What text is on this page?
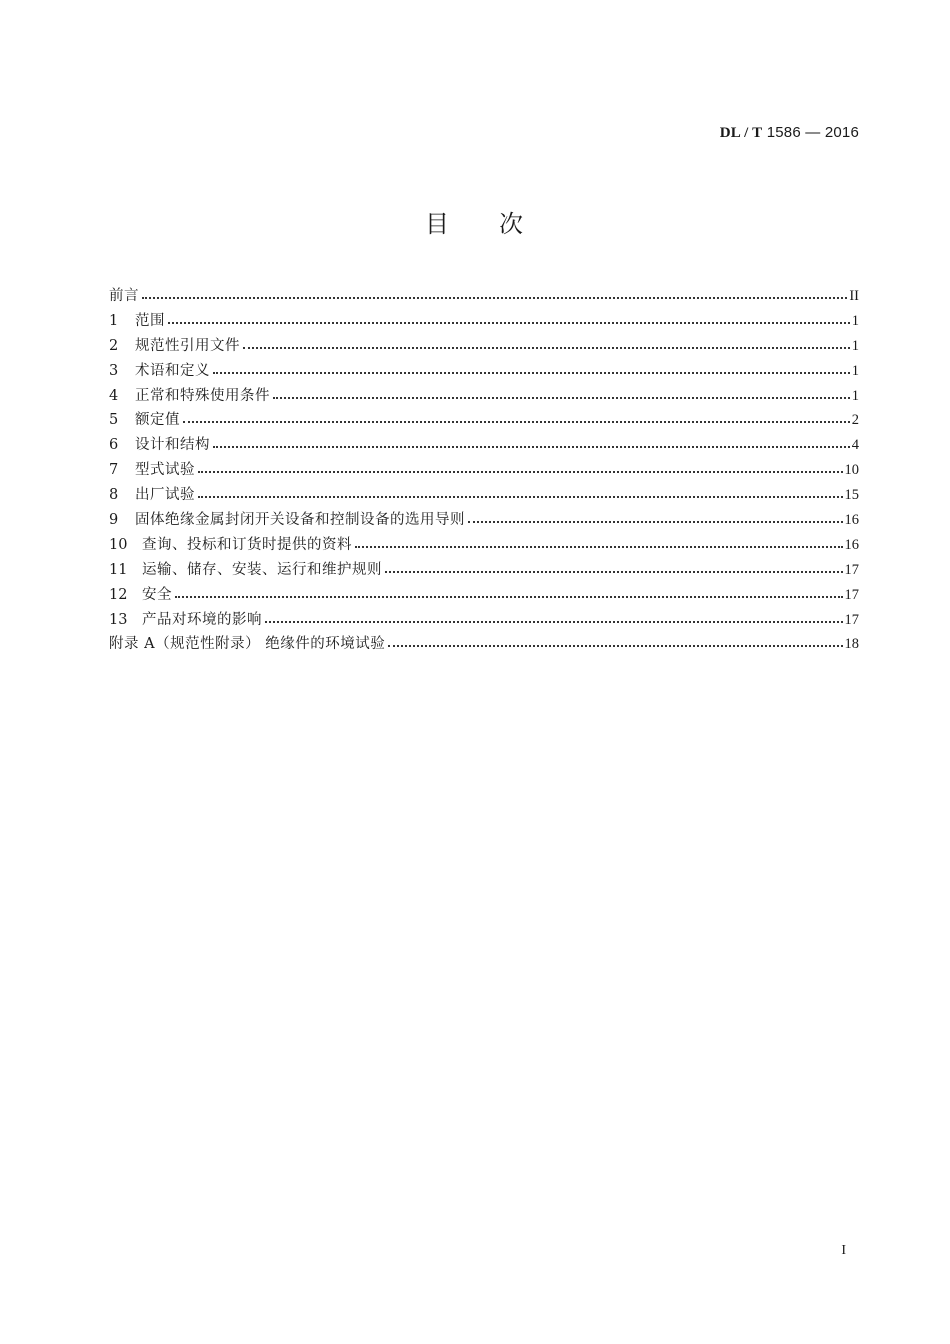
DL / T 1586 — 2016
目 次
前言	II
1	范围	1
2	规范性引用文件	1
3	术语和定义	1
4	正常和特殊使用条件	1
5	额定值	2
6	设计和结构	4
7	型式试验	10
8	出厂试验	15
9	固体绝缘金属封闭开关设备和控制设备的选用导则	16
10	查询、投标和订货时提供的资料	16
11	运输、储存、安装、运行和维护规则	17
12	安全	17
13	产品对环境的影响	17
附录 A（规范性附录） 绝缘件的环境试验	18
I
